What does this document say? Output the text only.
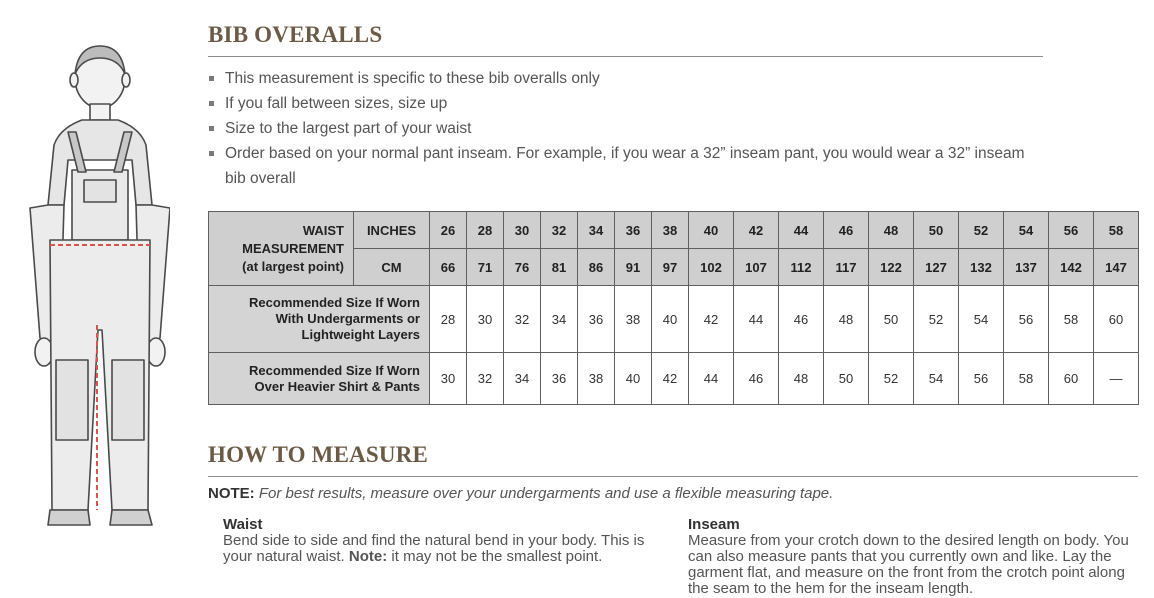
BIB OVERALLS
This measurement is specific to these bib overalls only
If you fall between sizes, size up
Size to the largest part of your waist
Order based on your normal pant inseam. For example, if you wear a 32” inseam pant, you would wear a 32” inseam bib overall
WAIST
MEASUREMENT
(at largest point)	INCHES	26	28	30	32	34	36	38	40	42	44	46	48	50	52	54	56	58
	CM	66	71	76	81	86	91	97	102	107	112	117	122	127	132	137	142	147

Recommended Size If Worn
With Undergarments or
Lightweight Layers		28	30	32	34	36	38	40	42	44	46	48	50	52	54	56	58	60

Recommended Size If Worn
Over Heavier Shirt & Pants		30	32	34	36	38	40	42	44	46	48	50	52	54	56	58	60	—
HOW TO MEASURE
NOTE: For best results, measure over your undergarments and use a flexible measuring tape.
Waist
Bend side to side and find the natural bend in your body. This is your natural waist. Note: it may not be the smallest point.
Inseam
Measure from your crotch down to the desired length on body. You can also measure pants that you currently own and like. Lay the garment flat, and measure on the front from the crotch point along the seam to the hem for the inseam length.
